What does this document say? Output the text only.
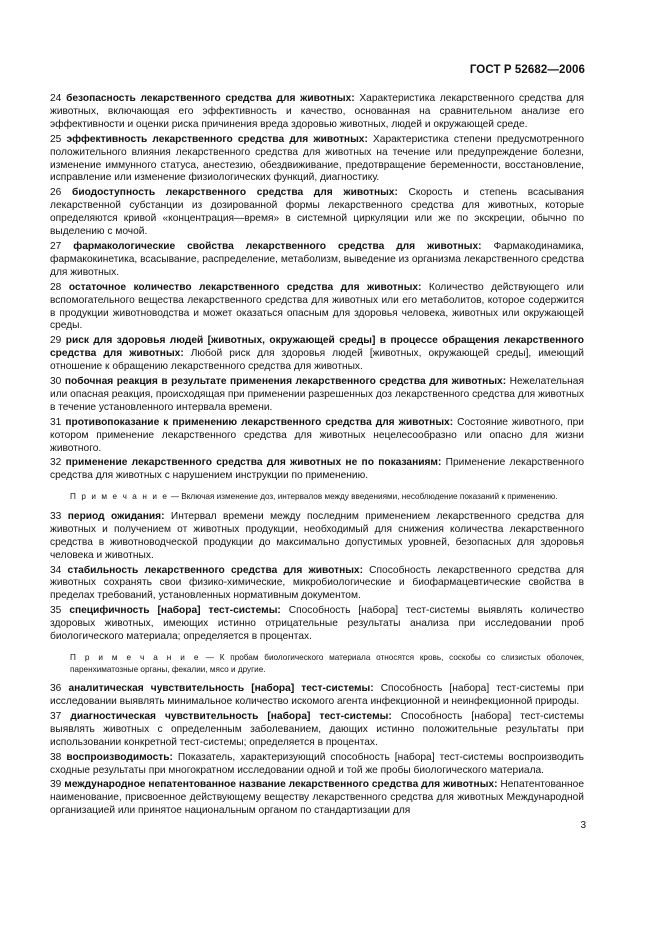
ГОСТ Р 52682—2006

24 безопасность лекарственного средства для животных: Характеристика лекарственного средства для животных, включающая его эффективность и качество, основанная на сравнительном анализе его эффективности и оценки риска причинения вреда здоровью животных, людей и окружающей среде.

25 эффективность лекарственного средства для животных: Характеристика степени предусмотренного положительного влияния лекарственного средства для животных на течение или предупреждение болезни, изменение иммунного статуса, анестезию, обездвиживание, предотвращение беременности, восстановление, исправление или изменение физиологических функций, диагностику.

26 биодоступность лекарственного средства для животных: Скорость и степень всасывания лекарственной субстанции из дозированной формы лекарственного средства для животных, которые определяются кривой «концентрация—время» в системной циркуляции или же по экскреции, обычно по выделению с мочой.

27 фармакологические свойства лекарственного средства для животных: Фармакодинамика, фармакокинетика, всасывание, распределение, метаболизм, выведение из организма лекарственного средства для животных.

28 остаточное количество лекарственного средства для животных: Количество действующего или вспомогательного вещества лекарственного средства для животных или его метаболитов, которое содержится в продукции животноводства и может оказаться опасным для здоровья человека, животных или окружающей среды.

29 риск для здоровья людей [животных, окружающей среды] в процессе обращения лекарственного средства для животных: Любой риск для здоровья людей [животных, окружающей среды], имеющий отношение к обращению лекарственного средства для животных.

30 побочная реакция в результате применения лекарственного средства для животных: Нежелательная или опасная реакция, происходящая при применении разрешенных доз лекарственного средства для животных в течение установленного интервала времени.

31 противопоказание к применению лекарственного средства для животных: Состояние животного, при котором применение лекарственного средства для животных нецелесообразно или опасно для жизни животного.

32 применение лекарственного средства для животных не по показаниям: Применение лекарственного средства для животных с нарушением инструкции по применению.

П р и м е ч а н и е — Включая изменение доз, интервалов между введениями, несоблюдение показаний к применению.

33 период ожидания: Интервал времени между последним применением лекарственного средства для животных и получением от животных продукции, необходимый для снижения количества лекарственного средства в животноводческой продукции до максимально допустимых уровней, безопасных для здоровья человека и животных.

34 стабильность лекарственного средства для животных: Способность лекарственного средства для животных сохранять свои физико-химические, микробиологические и биофармацевтические свойства в пределах требований, установленных нормативным документом.

35 специфичность [набора] тест-системы: Способность [набора] тест-системы выявлять количество здоровых животных, имеющих истинно отрицательные результаты анализа при исследовании проб биологического материала; определяется в процентах.

П р и м е ч а н и е — К пробам биологического материала относятся кровь, соскобы со слизистых оболочек, паренхиматозные органы, фекалии, мясо и другие.

36 аналитическая чувствительность [набора] тест-системы: Способность [набора] тест-системы при исследовании выявлять минимальное количество искомого агента инфекционной и неинфекционной природы.

37 диагностическая чувствительность [набора] тест-системы: Способность [набора] тест-системы выявлять животных с определенным заболеванием, дающих истинно положительные результаты при использовании конкретной тест-системы; определяется в процентах.

38 воспроизводимость: Показатель, характеризующий способность [набора] тест-системы воспроизводить сходные результаты при многократном исследовании одной и той же пробы биологического материала.

39 международное непатентованное название лекарственного средства для животных: Непатентованное наименование, присвоенное действующему веществу лекарственного средства для животных Международной организацией или принятое национальным органом по стандартизации для

3
